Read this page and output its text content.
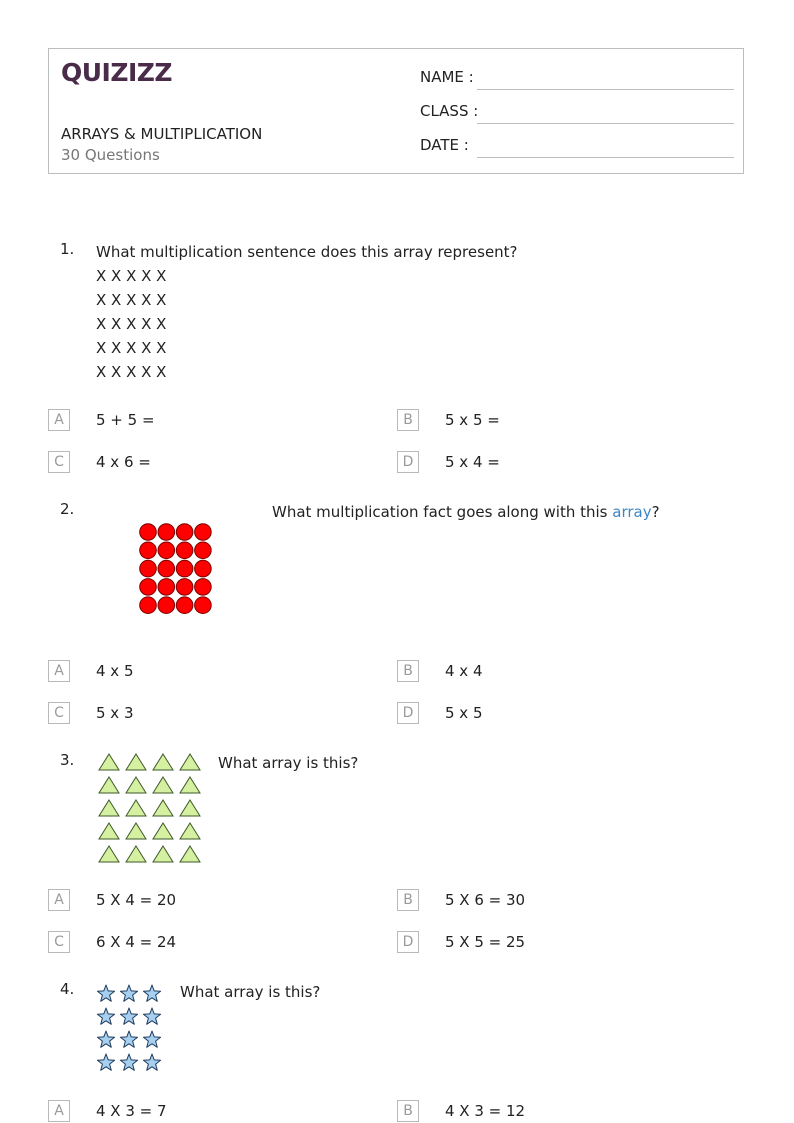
QUIZIZZ
ARRAYS & MULTIPLICATION
30 Questions
NAME :
CLASS :
DATE :
1. What multiplication sentence does this array represent?
X X X X X
X X X X X
X X X X X
X X X X X
X X X X X
A	5 + 5 =	B	5 x 5 =
C	4 x 6 =	D	5 x 4 =
2.	What multiplication fact goes along with this array?
A	4 x 5	B	4 x 4
C	5 x 3	D	5 x 5
3.	What array is this?
A	5 X 4 = 20	B	5 X 6 = 30
C	6 X 4 = 24	D	5 X 5 = 25
4.	What array is this?
A	4 X 3 = 7	B	4 X 3 = 12
